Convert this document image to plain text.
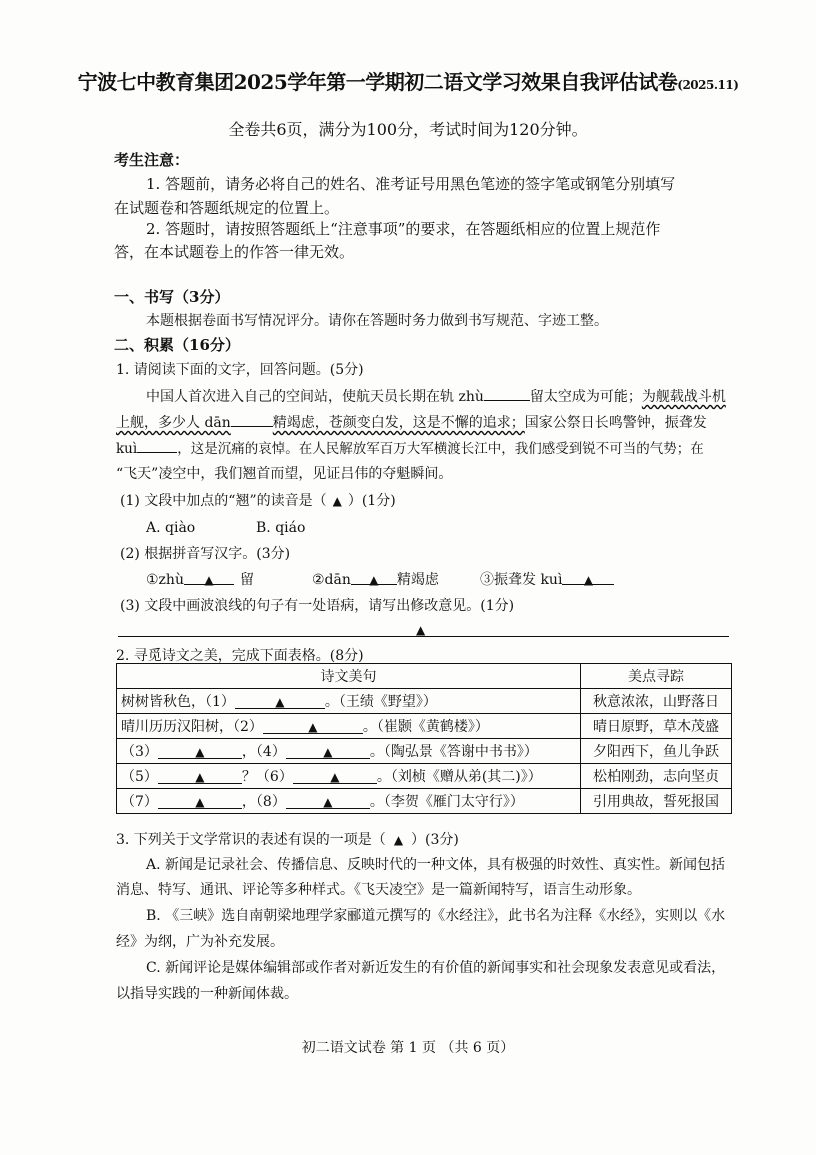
宁波七中教育集团2025学年第一学期初二语文学习效果自我评估试卷(2025.11)
全卷共6页，满分为100分，考试时间为120分钟。
考生注意：
1. 答题前，请务必将自己的姓名、准考证号用黑色笔迹的签字笔或钢笔分别填写
在试题卷和答题纸规定的位置上。
2. 答题时，请按照答题纸上“注意事项”的要求，在答题纸相应的位置上规范作
答，在本试题卷上的作答一律无效。
一、书写（3分）
本题根据卷面书写情况评分。请你在答题时务力做到书写规范、字迹工整。
二、积累（16分）
1. 请阅读下面的文字，回答问题。(5分)
中国人首次进入自己的空间站，使航天员长期在轨 zhù	留太空成为可能；为舰载战斗机
上舰，多少人 dān	精竭虑，苍颜变白发，这是不懈的追求；国家公祭日长鸣警钟，振聋发
kuì	，这是沉痛的哀悼。在人民解放军百万大军横渡长江中，我们感受到锐不可当的气势；在
“飞天”凌空中，我们翘首而望，见证吕伟的夺魁瞬间。
(1) 文段中加点的“翘”的读音是（ ▲ ）(1分)
A. qiào	B. qiáo
(2) 根据拼音写汉字。(3分)
①zhù ▲ 留	②dān ▲ 精竭虑	③振聋发 kuì ▲
(3) 文段中画波浪线的句子有一处语病，请写出修改意见。(1分)
▲
2. 寻觅诗文之美，完成下面表格。(8分)
诗文美句	美点寻踪
树树皆秋色，（1） ▲ 。（王绩《野望》）	秋意浓浓，山野落日
晴川历历汉阳树，（2） ▲ 。（崔颢《黄鹤楼》）	晴日原野，草木茂盛
（3） ▲ ，（4） ▲ 。（陶弘景《答谢中书书》）	夕阳西下，鱼儿争跃
（5） ▲ ？（6） ▲ 。（刘桢《赠从弟(其二)》）	松柏刚劲，志向坚贞
（7） ▲ ，（8） ▲ 。（李贺《雁门太守行》）	引用典故，誓死报国
3. 下列关于文学常识的表述有误的一项是（ ▲ ）(3分)
A. 新闻是记录社会、传播信息、反映时代的一种文体，具有极强的时效性、真实性。新闻包括
消息、特写、通讯、评论等多种样式。《飞天凌空》是一篇新闻特写，语言生动形象。
B. 《三峡》选自南朝梁地理学家郦道元撰写的《水经注》，此书名为注释《水经》，实则以《水
经》为纲，广为补充发展。
C. 新闻评论是媒体编辑部或作者对新近发生的有价值的新闻事实和社会现象发表意见或看法，
以指导实践的一种新闻体裁。
初二语文试卷 第 1 页 （共 6 页）
